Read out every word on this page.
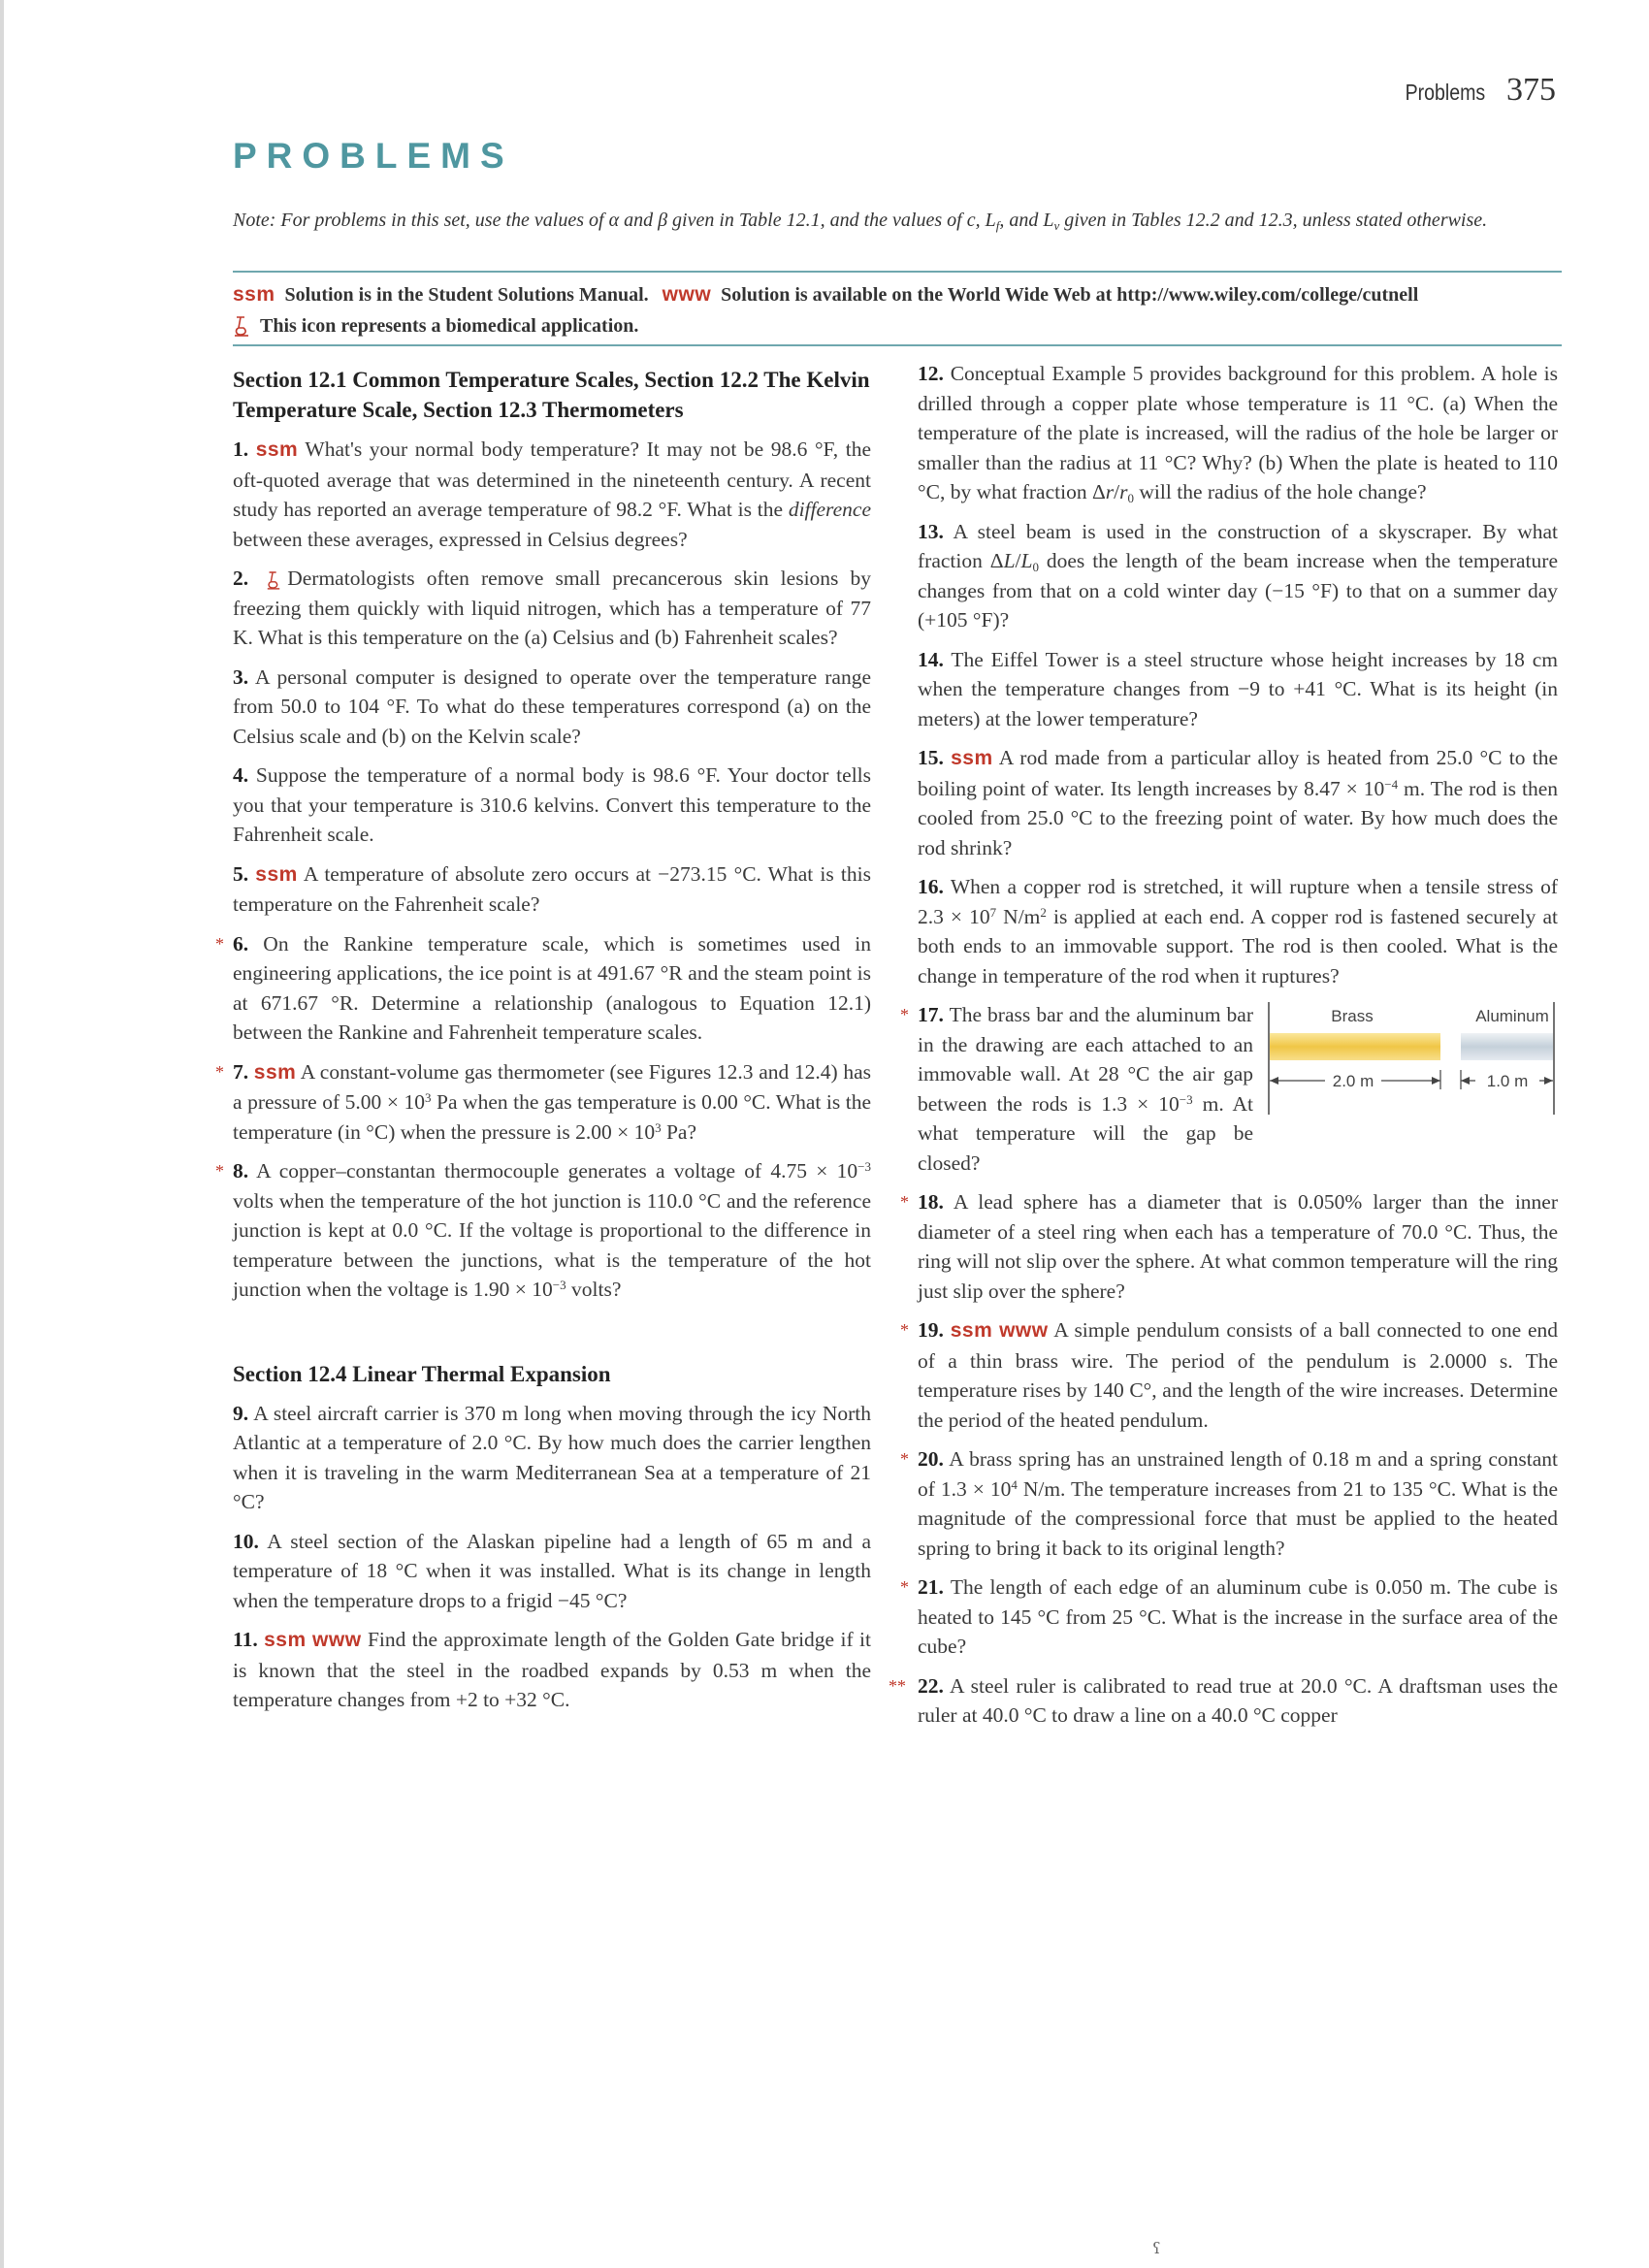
Problems 375
PROBLEMS
Note: For problems in this set, use the values of α and β given in Table 12.1, and the values of c, $L_f$, and $L_v$ given in Tables 12.2 and 12.3, unless stated otherwise.
ssm Solution is in the Student Solutions Manual. www Solution is available on the World Wide Web at http://www.wiley.com/college/cutnell
This icon represents a biomedical application.
Section 12.1 Common Temperature Scales, Section 12.2 The Kelvin Temperature Scale, Section 12.3 Thermometers

1. ssm What's your normal body temperature? It may not be 98.6 °F, the oft-quoted average that was determined in the nineteenth century. A recent study has reported an average temperature of 98.2 °F. What is the difference between these averages, expressed in Celsius degrees?

2. Dermatologists often remove small precancerous skin lesions by freezing them quickly with liquid nitrogen, which has a temperature of 77 K. What is this temperature on the (a) Celsius and (b) Fahrenheit scales?

3. A personal computer is designed to operate over the temperature range from 50.0 to 104 °F. To what do these temperatures correspond (a) on the Celsius scale and (b) on the Kelvin scale?

4. Suppose the temperature of a normal body is 98.6 °F. Your doctor tells you that your temperature is 310.6 kelvins. Convert this temperature to the Fahrenheit scale.

5. ssm A temperature of absolute zero occurs at −273.15 °C. What is this temperature on the Fahrenheit scale?

* 6. On the Rankine temperature scale, which is sometimes used in engineering applications, the ice point is at 491.67 °R and the steam point is at 671.67 °R. Determine a relationship (analogous to Equation 12.1) between the Rankine and Fahrenheit temperature scales.

* 7. ssm A constant-volume gas thermometer (see Figures 12.3 and 12.4) has a pressure of $5.00 \times 10^3$ Pa when the gas temperature is 0.00 °C. What is the temperature (in °C) when the pressure is $2.00 \times 10^3$ Pa?

* 8. A copper–constantan thermocouple generates a voltage of $4.75 \times 10^{-3}$ volts when the temperature of the hot junction is 110.0 °C and the reference junction is kept at 0.0 °C. If the voltage is proportional to the difference in temperature between the junctions, what is the temperature of the hot junction when the voltage is $1.90 \times 10^{-3}$ volts?

Section 12.4 Linear Thermal Expansion

9. A steel aircraft carrier is 370 m long when moving through the icy North Atlantic at a temperature of 2.0 °C. By how much does the carrier lengthen when it is traveling in the warm Mediterranean Sea at a temperature of 21 °C?

10. A steel section of the Alaskan pipeline had a length of 65 m and a temperature of 18 °C when it was installed. What is its change in length when the temperature drops to a frigid −45 °C?

11. ssm www Find the approximate length of the Golden Gate bridge if it is known that the steel in the roadbed expands by 0.53 m when the temperature changes from +2 to +32 °C.

12. Conceptual Example 5 provides background for this problem. A hole is drilled through a copper plate whose temperature is 11 °C. (a) When the temperature of the plate is increased, will the radius of the hole be larger or smaller than the radius at 11 °C? Why? (b) When the plate is heated to 110 °C, by what fraction $\Delta r/r_0$ will the radius of the hole change?

13. A steel beam is used in the construction of a skyscraper. By what fraction $\Delta L/L_0$ does the length of the beam increase when the temperature changes from that on a cold winter day (−15 °F) to that on a summer day (+105 °F)?

14. The Eiffel Tower is a steel structure whose height increases by 18 cm when the temperature changes from −9 to +41 °C. What is its height (in meters) at the lower temperature?

15. ssm A rod made from a particular alloy is heated from 25.0 °C to the boiling point of water. Its length increases by $8.47 \times 10^{-4}$ m. The rod is then cooled from 25.0 °C to the freezing point of water. By how much does the rod shrink?

16. When a copper rod is stretched, it will rupture when a tensile stress of $2.3 \times 10^7$ $N/m^2$ is applied at each end. A copper rod is fastened securely at both ends to an immovable support. The rod is then cooled. What is the change in temperature of the rod when it ruptures?

Brass	Aluminum
2.0 m	1.0 m
* 17. The brass bar and the aluminum bar in the drawing are each attached to an immovable wall. At 28 °C the air gap between the rods is $1.3 \times 10^{-3}$ m. At what temperature will the gap be closed?

* 18. A lead sphere has a diameter that is 0.050% larger than the inner diameter of a steel ring when each has a temperature of 70.0 °C. Thus, the ring will not slip over the sphere. At what common temperature will the ring just slip over the sphere?

* 19. ssm www A simple pendulum consists of a ball connected to one end of a thin brass wire. The period of the pendulum is 2.0000 s. The temperature rises by 140 C°, and the length of the wire increases. Determine the period of the heated pendulum.

* 20. A brass spring has an unstrained length of 0.18 m and a spring constant of $1.3 \times 10^4$ N/m. The temperature increases from 21 to 135 °C. What is the magnitude of the compressional force that must be applied to the heated spring to bring it back to its original length?

* 21. The length of each edge of an aluminum cube is 0.050 m. The cube is heated to 145 °C from 25 °C. What is the increase in the surface area of the cube?

** 22. A steel ruler is calibrated to read true at 20.0 °C. A draftsman uses the ruler at 40.0 °C to draw a line on a 40.0 °C copper

ʕ
